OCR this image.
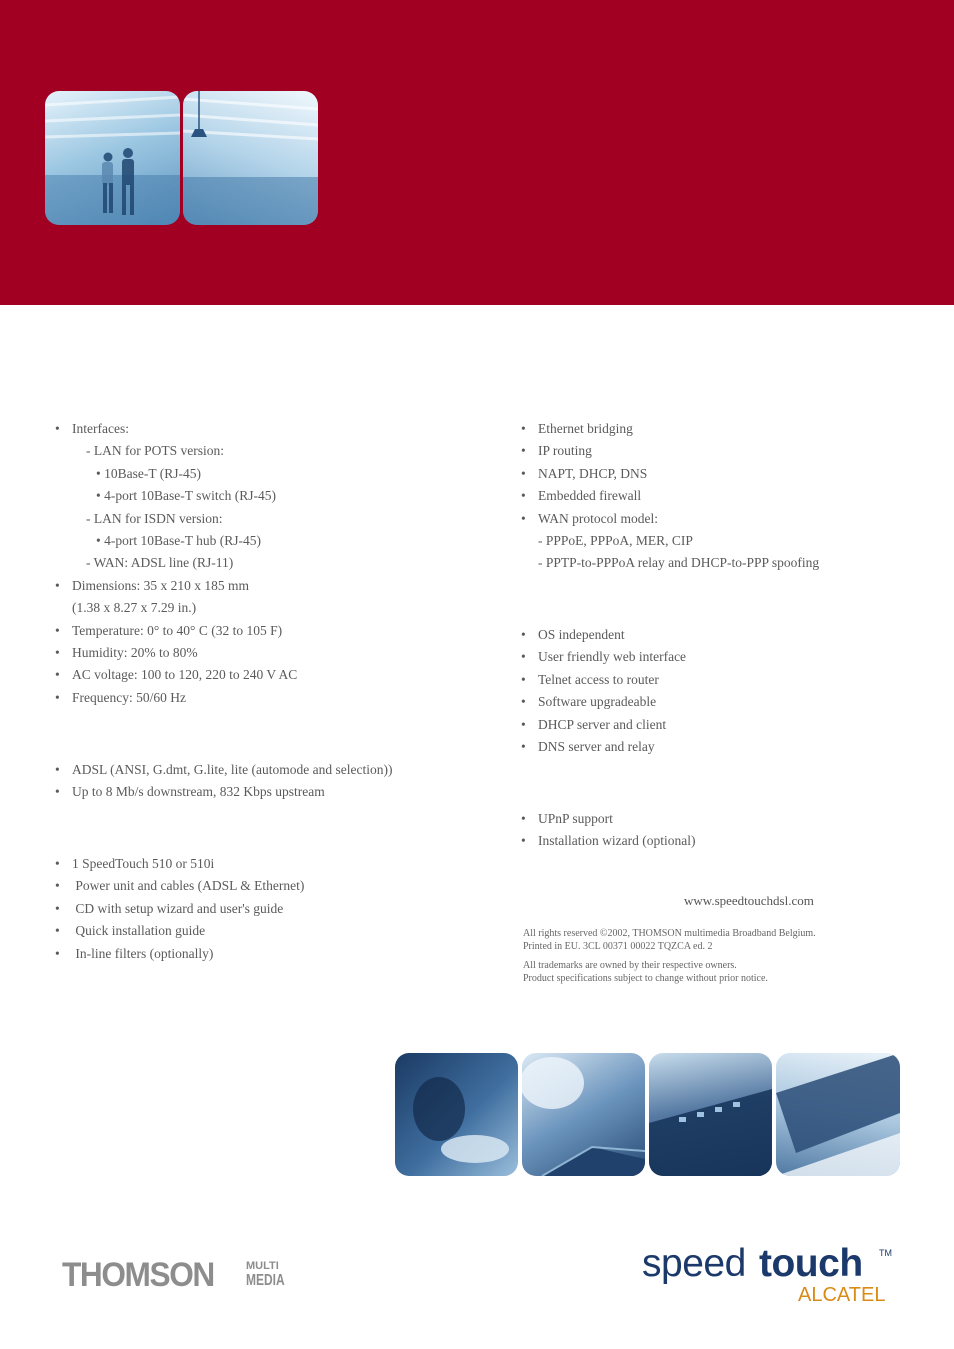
• Interfaces:
- LAN for POTS version:
• 10Base-T (RJ-45)
• 4-port 10Base-T switch (RJ-45)
- LAN for ISDN version:
• 4-port 10Base-T hub (RJ-45)
- WAN: ADSL line (RJ-11)
• Dimensions: 35 x 210 x 185 mm
(1.38 x 8.27 x 7.29 in.)
• Temperature: 0° to 40° C (32 to 105 F)
• Humidity: 20% to 80%
• AC voltage: 100 to 120, 220 to 240 V AC
• Frequency: 50/60 Hz
• ADSL (ANSI, G.dmt, G.lite, lite (automode and selection))
• Up to 8 Mb/s downstream, 832 Kbps upstream
• 1 SpeedTouch 510 or 510i
•  Power unit and cables (ADSL & Ethernet)
•  CD with setup wizard and user's guide
•  Quick installation guide
•  In-line filters (optionally)
• Ethernet bridging
• IP routing
• NAPT, DHCP, DNS
• Embedded firewall
• WAN protocol model:
- PPPoE, PPPoA, MER, CIP
- PPTP-to-PPPoA relay and DHCP-to-PPP spoofing
• OS independent
• User friendly web interface
• Telnet access to router
• Software upgradeable
• DHCP server and client
• DNS server and relay
• UPnP support
• Installation wizard (optional)
www.speedtouchdsl.com
All rights reserved ©2002, THOMSON multimedia Broadband Belgium.
Printed in EU. 3CL 00371 00022 TQZCA ed. 2
All trademarks are owned by their respective owners.
Product specifications subject to change without prior notice.
THOMSON	MULTI
MEDIA	speed touch TM
ALCATEL
